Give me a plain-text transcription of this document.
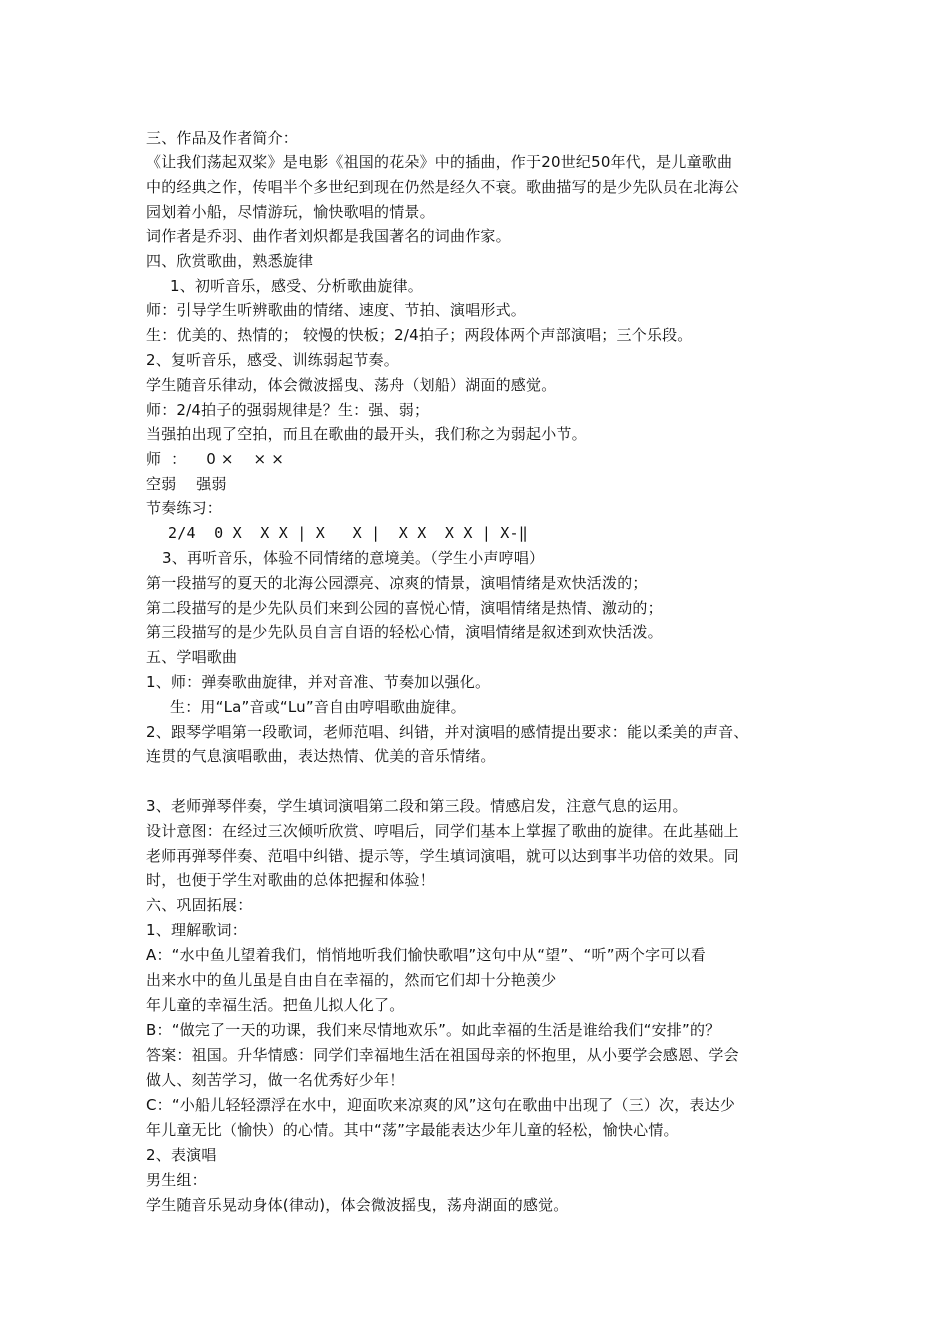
三、作品及作者简介：
《让我们荡起双桨》是电影《祖国的花朵》中的插曲，作于20世纪50年代，是儿童歌曲
中的经典之作，传唱半个多世纪到现在仍然是经久不衰。歌曲描写的是少先队员在北海公
园划着小船，尽情游玩，愉快歌唱的情景。
词作者是乔羽、曲作者刘炽都是我国著名的词曲作家。
四、欣赏歌曲，熟悉旋律
1、初听音乐，感受、分析歌曲旋律。
师：引导学生听辨歌曲的情绪、速度、节拍、演唱形式。
生：优美的、热情的； 较慢的快板；2/4拍子；两段体两个声部演唱；三个乐段。
2、复听音乐，感受、训练弱起节奏。
学生随音乐律动，体会微波摇曳、荡舟（划船）湖面的感觉。
师：2/4拍子的强弱规律是？生：强、弱；
当强拍出现了空拍，而且在歌曲的最开头，我们称之为弱起小节。
师  ：    0 ×    × ×
空弱    强弱
节奏练习：
2/4  0 X  X X | X   X |  X X  X X | X-‖
3、再听音乐，体验不同情绪的意境美。（学生小声哼唱）
第一段描写的夏天的北海公园漂亮、凉爽的情景，演唱情绪是欢快活泼的；
第二段描写的是少先队员们来到公园的喜悦心情，演唱情绪是热情、激动的；
第三段描写的是少先队员自言自语的轻松心情，演唱情绪是叙述到欢快活泼。
五、学唱歌曲
1、师：弹奏歌曲旋律，并对音准、节奏加以强化。
生：用“La”音或“Lu”音自由哼唱歌曲旋律。
2、跟琴学唱第一段歌词，老师范唱、纠错，并对演唱的感情提出要求：能以柔美的声音、
连贯的气息演唱歌曲，表达热情、优美的音乐情绪。
3、老师弹琴伴奏，学生填词演唱第二段和第三段。情感启发，注意气息的运用。
设计意图：在经过三次倾听欣赏、哼唱后，同学们基本上掌握了歌曲的旋律。在此基础上
老师再弹琴伴奏、范唱中纠错、提示等，学生填词演唱，就可以达到事半功倍的效果。同
时，也便于学生对歌曲的总体把握和体验！
六、巩固拓展：
1、理解歌词：
A：“水中鱼儿望着我们，悄悄地听我们愉快歌唱”这句中从“望”、“听”两个字可以看
出来水中的鱼儿虽是自由自在幸福的，然而它们却十分艳羡少
年儿童的幸福生活。把鱼儿拟人化了。
B：“做完了一天的功课，我们来尽情地欢乐”。如此幸福的生活是谁给我们“安排”的？
答案：祖国。升华情感：同学们幸福地生活在祖国母亲的怀抱里，从小要学会感恩、学会
做人、刻苦学习，做一名优秀好少年！
C：“小船儿轻轻漂浮在水中，迎面吹来凉爽的风”这句在歌曲中出现了（三）次，表达少
年儿童无比（愉快）的心情。其中“荡”字最能表达少年儿童的轻松，愉快心情。
2、表演唱
男生组：
学生随音乐晃动身体(律动)，体会微波摇曳，荡舟湖面的感觉。
